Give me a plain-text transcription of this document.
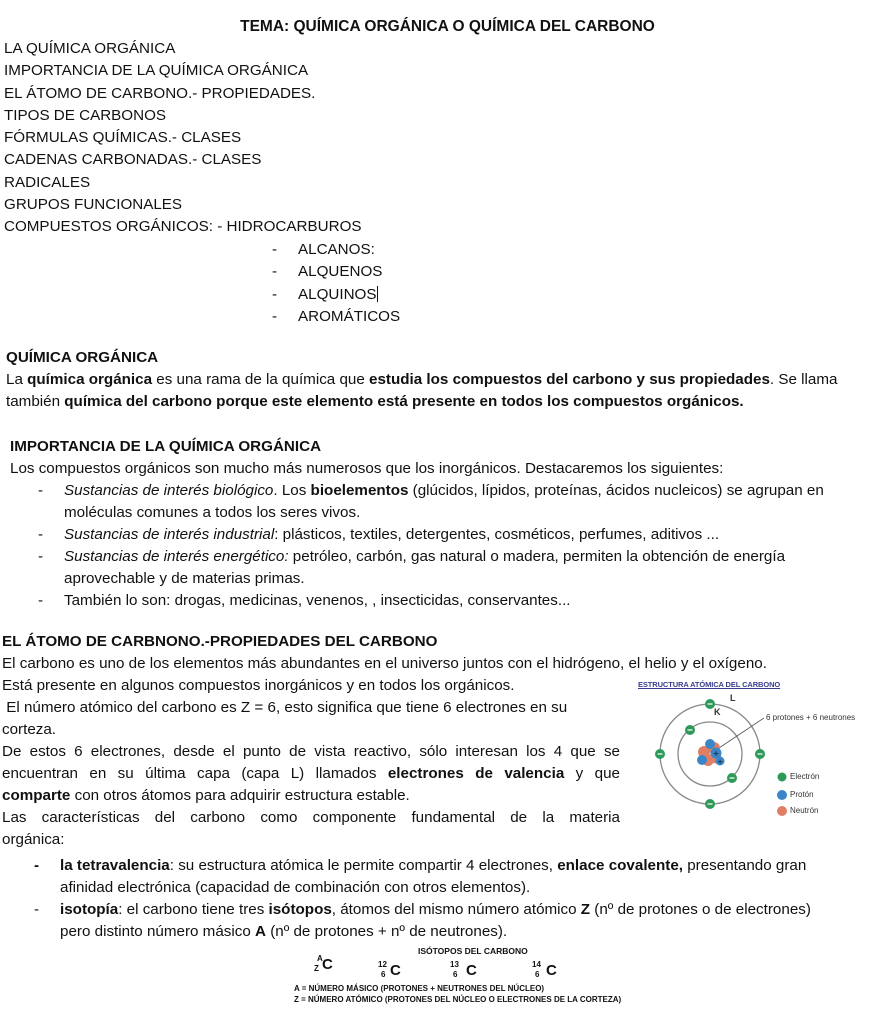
TEMA: QUÍMICA ORGÁNICA O QUÍMICA DEL CARBONO
LA QUÍMICA ORGÁNICA
IMPORTANCIA DE LA QUÍMICA ORGÁNICA
EL ÁTOMO DE CARBONO.- PROPIEDADES.
TIPOS DE CARBONOS
FÓRMULAS QUÍMICAS.- CLASES
CADENAS CARBONADAS.- CLASES
RADICALES
GRUPOS FUNCIONALES
COMPUESTOS ORGÁNICOS: - HIDROCARBUROS
- ALCANOS:
- ALQUENOS
- ALQUINOS
- AROMÁTICOS
QUÍMICA ORGÁNICA
La química orgánica es una rama de la química que estudia los compuestos del carbono y sus propiedades. Se llama
también química del carbono porque este elemento está presente en todos los compuestos orgánicos.
IMPORTANCIA DE LA QUÍMICA ORGÁNICA
Los compuestos orgánicos son mucho más numerosos que los inorgánicos. Destacaremos los siguientes:
- Sustancias de interés biológico. Los bioelementos (glúcidos, lípidos, proteínas, ácidos nucleicos) se agrupan en
moléculas comunes a todos los seres vivos.
- Sustancias de interés industrial: plásticos, textiles, detergentes, cosméticos, perfumes, aditivos ...
- Sustancias de interés energético: petróleo, carbón, gas natural o madera, permiten la obtención de energía
aprovechable y de materias primas.
- También lo son: drogas, medicinas, venenos, , insecticidas, conservantes...
EL ÁTOMO DE CARBNONO.-PROPIEDADES DEL CARBONO
El carbono es uno de los elementos más abundantes en el universo juntos con el hidrógeno, el helio y el oxígeno.
Está presente en algunos compuestos inorgánicos y en todos los orgánicos.
El número atómico del carbono es Z = 6, esto significa que tiene 6 electrones en su
corteza.
De estos 6 electrones, desde el punto de vista reactivo, sólo interesan los 4 que se
encuentran en su última capa (capa L) llamados electrones de valencia y que
comparte con otros átomos para adquirir estructura estable.
Las características del carbono como componente fundamental de la materia
orgánica:
- la tetravalencia: su estructura atómica le permite compartir 4 electrones, enlace covalente, presentando gran
afinidad electrónica (capacidad de combinación con otros elementos).
- isotopía: el carbono tiene tres isótopos, átomos del mismo número atómico Z (nº de protones o de electrones)
pero distinto número másico A (nº de protones + nº de neutrones).
ESTRUCTURA ATÓMICA DEL CARBONO
+
+
L
K
6 protones + 6 neutrones
Electrón
Protón
Neutrón
ISÓTOPOS DEL CARBONO
A
Z C	12
6 C	13
6 C	14
6 C
A = NÚMERO MÁSICO (PROTONES + NEUTRONES DEL NÚCLEO)
Z = NÚMERO ATÓMICO (PROTONES DEL NÚCLEO O ELECTRONES DE LA CORTEZA)
